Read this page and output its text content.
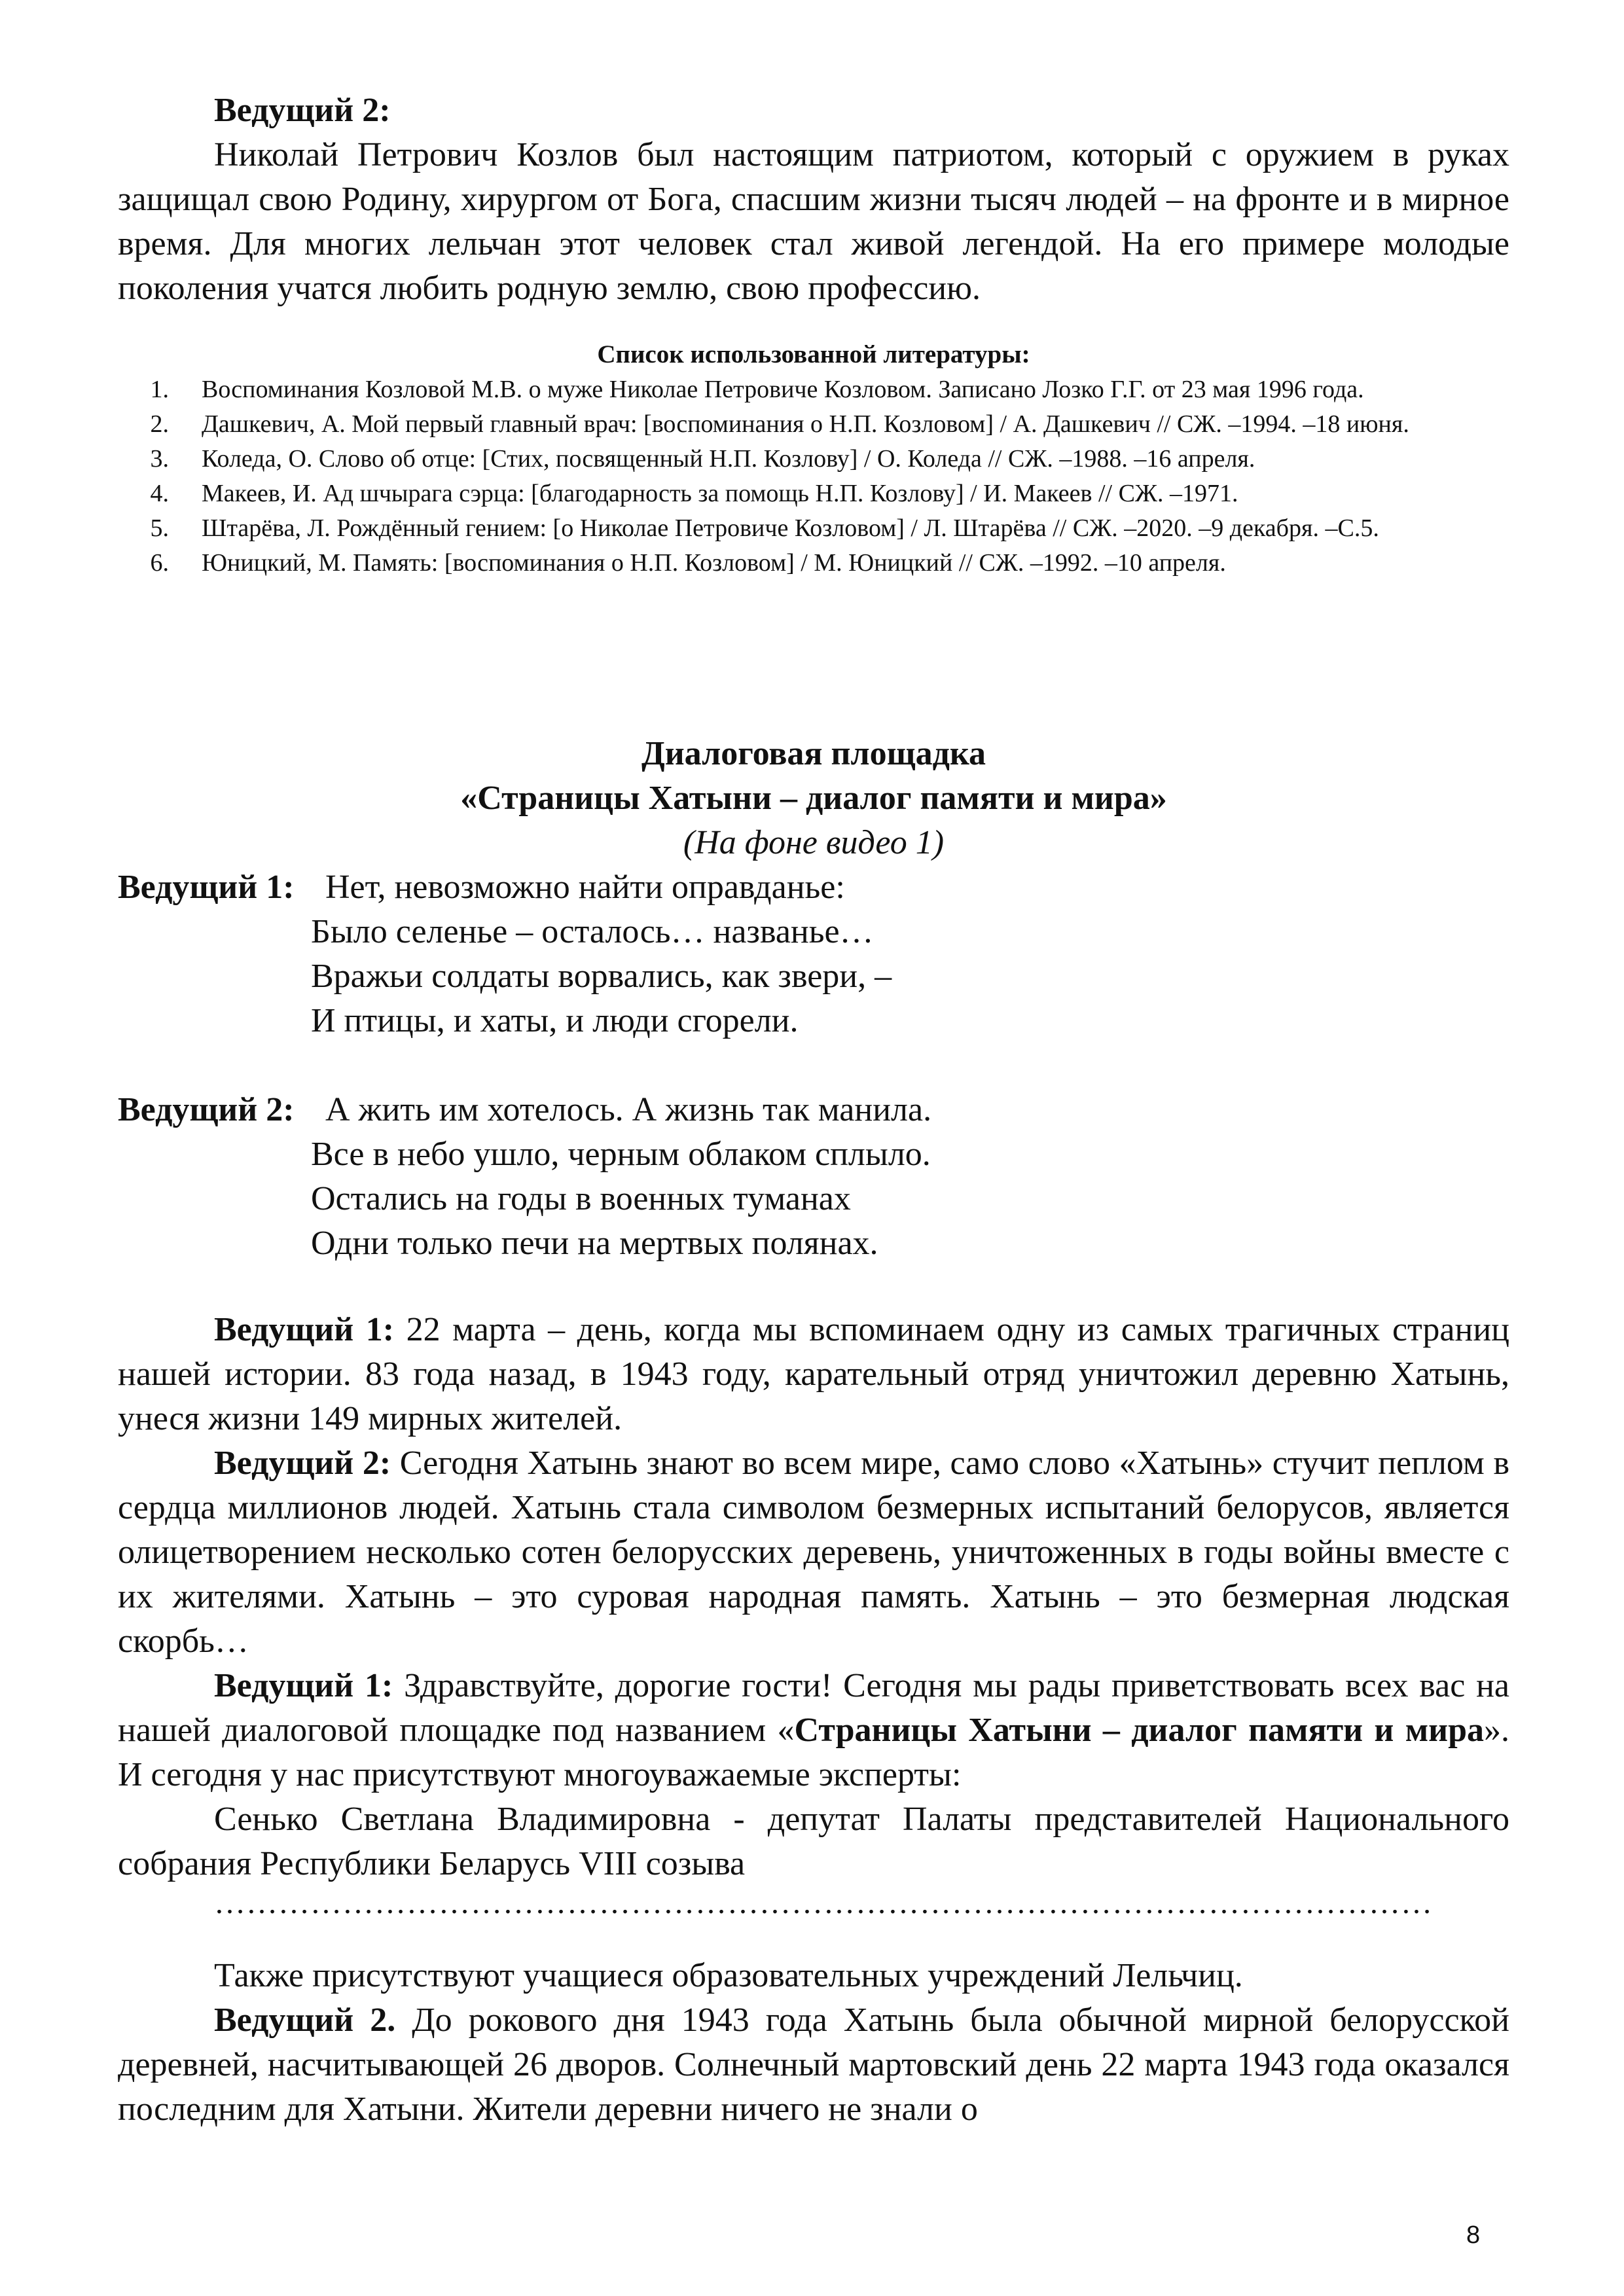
Ведущий 2:
Николай Петрович Козлов был настоящим патриотом, который с оружием в руках защищал свою Родину, хирургом от Бога, спасшим жизни тысяч людей – на фронте и в мирное время. Для многих лельчан этот человек стал живой легендой. На его примере молодые поколения учатся любить родную землю, свою профессию.

Список использованной литературы:

1. Воспоминания Козловой М.В. о муже Николае Петровиче Козловом. Записано Лозко Г.Г. от 23 мая 1996 года.

2. Дашкевич, А. Мой первый главный врач: [воспоминания о Н.П. Козловом] / А. Дашкевич // СЖ. –1994. –18 июня.

3. Коледа, О. Слово об отце: [Стих, посвященный Н.П. Козлову] / О. Коледа // СЖ. –1988. –16 апреля.

4. Макеев, И. Ад шчырага сэрца: [благодарность за помощь Н.П. Козлову] / И. Макеев // СЖ. –1971.

5. Штарёва, Л. Рождённый гением: [о Николае Петровиче Козловом] / Л. Штарёва // СЖ. –2020. –9 декабря. –С.5.

6. Юницкий, М. Память: [воспоминания о Н.П. Козловом] / М. Юницкий // СЖ. –1992. –10 апреля.

Диалоговая площадка
«Страницы Хатыни – диалог памяти и мира»
(На фоне видео 1)
Ведущий 1: Нет, невозможно найти оправданье:
Было селенье – осталось… названье…
Вражьи солдаты ворвались, как звери, –
И птицы, и хаты, и люди сгорели.
Ведущий 2: А жить им хотелось. А жизнь так манила.
Все в небо ушло, черным облаком сплыло.
Остались на годы в военных туманах
Одни только печи на мертвых полянах.

Ведущий 1: 22 марта – день, когда мы вспоминаем одну из самых трагичных страниц нашей истории. 83 года назад, в 1943 году, карательный отряд уничтожил деревню Хатынь, унеся жизни 149 мирных жителей.

Ведущий 2: Сегодня Хатынь знают во всем мире, само слово «Хатынь» стучит пеплом в сердца миллионов людей. Хатынь стала символом безмерных испытаний белорусов, является олицетворением несколько сотен белорусских деревень, уничтоженных в годы войны вместе с их жителями. Хатынь – это суровая народная память. Хатынь – это безмерная людская скорбь…

Ведущий 1: Здравствуйте, дорогие гости! Сегодня мы рады приветствовать всех вас на нашей диалоговой площадке под названием «Страницы Хатыни – диалог памяти и мира». И сегодня у нас присутствуют многоуважаемые эксперты:

Сенько Светлана Владимировна - депутат Палаты представителей Национального собрания Республики Беларусь VIII созыва

……………………………………………………………………………………………………

Также присутствуют учащиеся образовательных учреждений Лельчиц.

Ведущий 2. До рокового дня 1943 года Хатынь была обычной мирной белорусской деревней, насчитывающей 26 дворов. Солнечный мартовский день 22 марта 1943 года оказался последним для Хатыни. Жители деревни ничего не знали о

8
